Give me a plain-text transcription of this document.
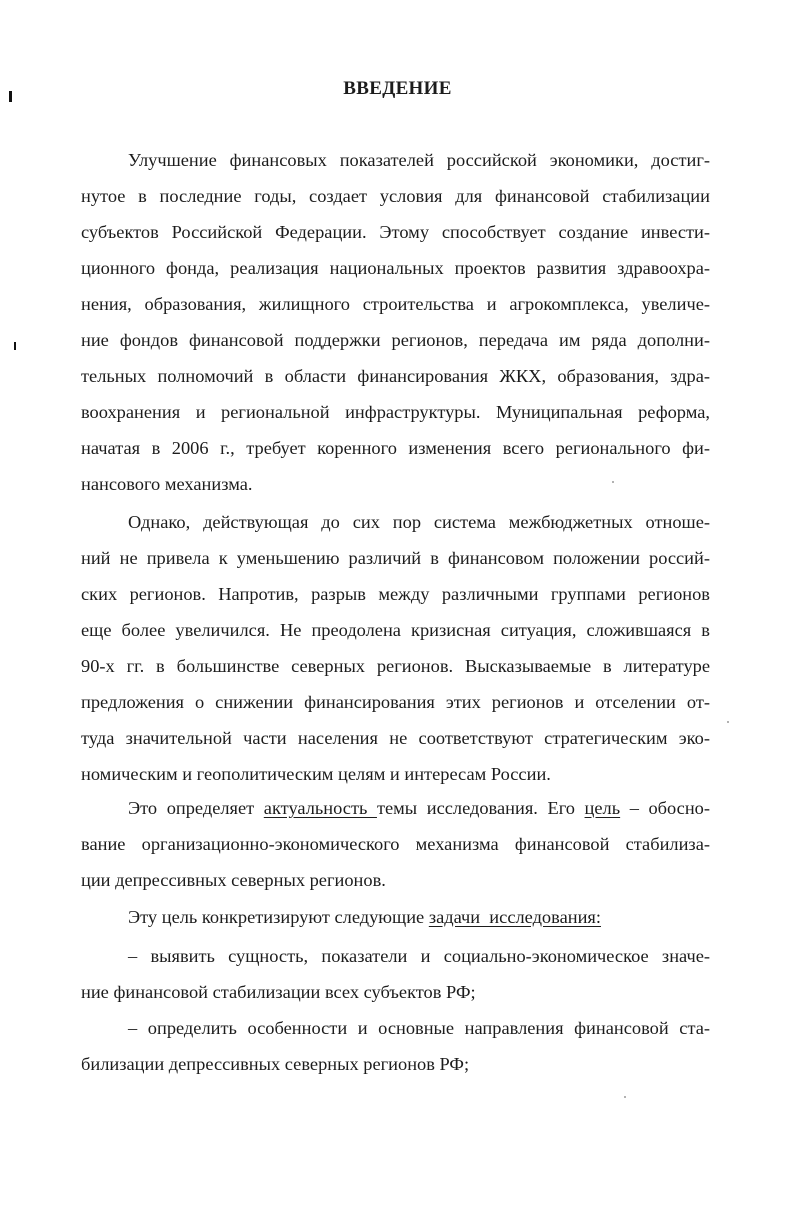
ВВЕДЕНИЕ
Улучшение финансовых показателей российской экономики, достиг-
нутое в последние годы, создает условия для финансовой стабилизации
субъектов Российской Федерации. Этому способствует создание инвести-
ционного фонда, реализация национальных проектов развития здравоохра-
нения, образования, жилищного строительства и агрокомплекса, увеличе-
ние фондов финансовой поддержки регионов, передача им ряда дополни-
тельных полномочий в области финансирования ЖКХ, образования, здра-
воохранения и региональной инфраструктуры. Муниципальная реформа,
начатая в 2006 г., требует коренного изменения всего регионального фи-
нансового механизма.
Однако, действующая до сих пор система межбюджетных отноше-
ний не привела к уменьшению различий в финансовом положении россий-
ских регионов. Напротив, разрыв между различными группами регионов
еще более увеличился. Не преодолена кризисная ситуация, сложившаяся в
90-х гг. в большинстве северных регионов. Высказываемые в литературе
предложения о снижении финансирования этих регионов и отселении от-
туда значительной части населения не соответствуют стратегическим эко-
номическим и геополитическим целям и интересам России.
Это определяет актуальность темы исследования. Его цель – обосно-
вание организационно-экономического механизма финансовой стабилиза-
ции депрессивных северных регионов.
Эту цель конкретизируют следующие задачи  исследования:
– выявить сущность, показатели и социально-экономическое значе-
ние финансовой стабилизации всех субъектов РФ;
– определить особенности и основные направления финансовой ста-
билизации депрессивных северных регионов РФ;
